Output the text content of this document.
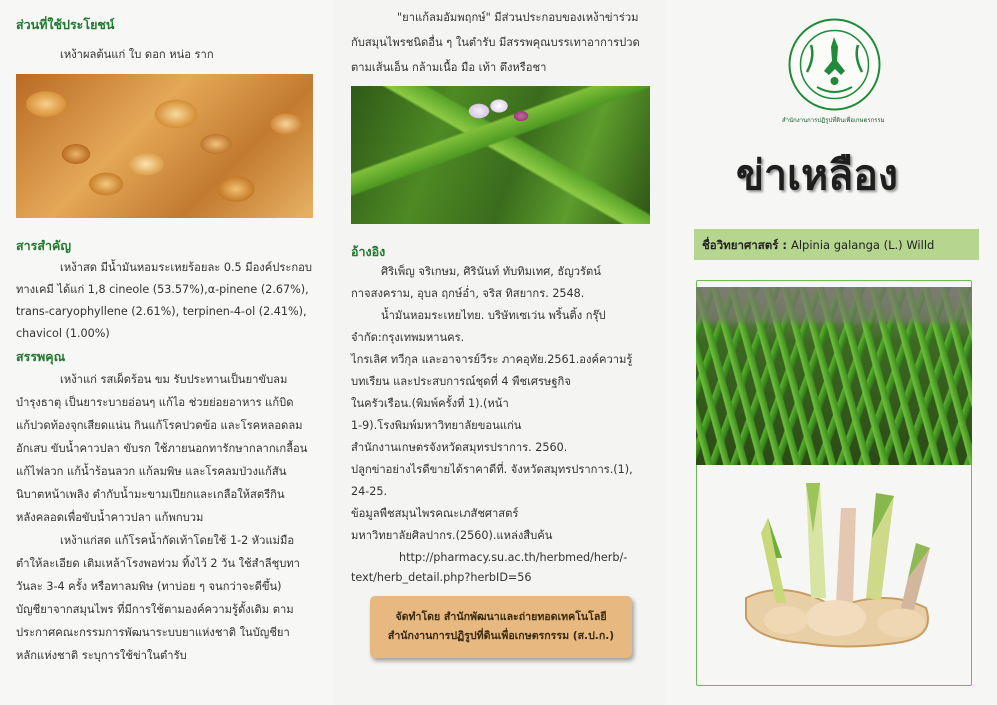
ส่วนที่ใช้ประโยชน์
เหง้าผลต้นแก่ ใบ ดอก หน่อ ราก
สารสำคัญ
เหง้าสด มีน้ำมันหอมระเหยร้อยละ 0.5 มีองค์ประกอบ
ทางเคมี ได้แก่ 1,8 cineole (53.57%),α-pinene (2.67%),
trans-caryophyllene (2.61%), terpinen-4-ol (2.41%),
chavicol (1.00%)
สรรพคุณ
เหง้าแก่ รสเผ็ดร้อน ขม รับประทานเป็นยาขับลม
บำรุงธาตุ เป็นยาระบายอ่อนๆ แก้ไอ ช่วยย่อยอาหาร แก้บิด
แก้ปวดท้องจุกเสียดแน่น กินแก้โรคปวดข้อ และโรคหลอดลม
อักเสบ ขับน้ำคาวปลา ขับรก ใช้ภายนอกทารักษากลากเกลื้อน
แก้ไฟลวก แก้น้ำร้อนลวก แก้ลมพิษ และโรคลมป่วงแก้สัน
นิบาตหน้าเพลิง ตำกับน้ำมะขามเปียกและเกลือให้สตรีกิน
หลังคลอดเพื่อขับน้ำคาวปลา แก้พกบวม
เหง้าแก่สด แก้โรคน้ำกัดเท้าโดยใช้ 1-2 หัวแม่มือ
ตำให้ละเอียด เติมเหล้าโรงพอท่วม ทิ้งไว้ 2 วัน ใช้สำลีชุบทา
วันละ 3-4 ครั้ง หรือทาลมพิษ (ทาบ่อย ๆ จนกว่าจะดีขึ้น)
บัญชียาจากสมุนไพร ที่มีการใช้ตามองค์ความรู้ดั้งเดิม ตาม
ประกาศคณะกรรมการพัฒนาระบบยาแห่งชาติ ในบัญชียา
หลักแห่งชาติ ระบุการใช้ข่าในตำรับ
"ยาแก้ลมอัมพฤกษ์" มีส่วนประกอบของเหง้าข่าร่วม
กับสมุนไพรชนิดอื่น ๆ ในตำรับ มีสรรพคุณบรรเทาอาการปวด
ตามเส้นเอ็น กล้ามเนื้อ มือ เท้า ตึงหรือชา
อ้างอิง
ศิริเพ็ญ จริเกษม, ศิรินันท์ ทับทิมเทศ, ธัญวรัตน์
กาจสงคราม, อุบล ฤกษ์อ่ำ, จริส ทิสยากร. 2548.
น้ำมันหอมระเหยไทย. บริษัทเซเว่น พริ้นติ้ง กรุ๊ป
จำกัด:กรุงเทพมหานคร.
ไกรเลิศ ทวีกุล และอาจารย์วีระ ภาคอุทัย.2561.องค์ความรู้
บทเรียน และประสบการณ์ชุดที่ 4 พืชเศรษฐกิจ
ในครัวเรือน.(พิมพ์ครั้งที่ 1).(หน้า
1-9).โรงพิมพ์มหาวิทยาลัยขอนแก่น
สำนักงานเกษตรจังหวัดสมุทรปราการ. 2560.
ปลูกข่าอย่างไรดีขายได้ราคาดีที่. จังหวัดสมุทรปราการ.(1),
24-25.
ข้อมูลพืชสมุนไพรคณะเภสัชศาสตร์
มหาวิทยาลัยศิลปากร.(2560).แหล่งสืบค้น
http://pharmacy.su.ac.th/herbmed/herb/-
text/herb_detail.php?herbID=56
จัดทำโดย สำนักพัฒนาและถ่ายทอดเทคโนโลยี
สำนักงานการปฏิรูปที่ดินเพื่อเกษตรกรรม (ส.ป.ก.)
สำนักงานการปฏิรูปที่ดินเพื่อเกษตรกรรม
ข่าเหลือง
ชื่อวิทยาศาสตร์ : Alpinia galanga (L.) Willd
